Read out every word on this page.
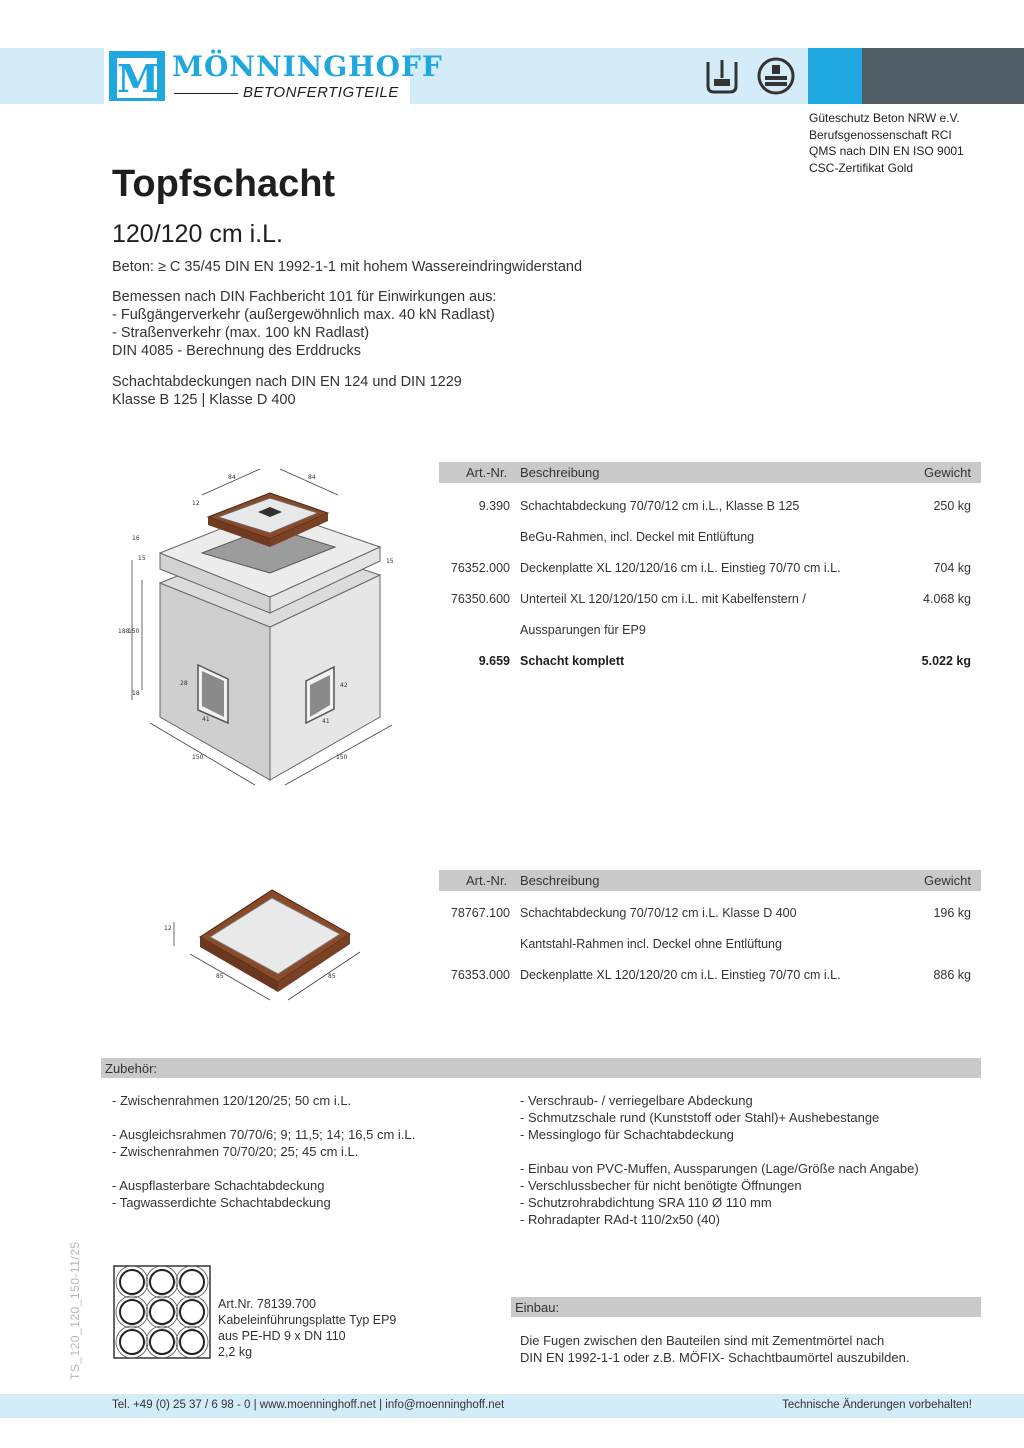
M MÖNNINGHOFF
BETONFERTIGTEILE
Güteschutz Beton NRW e.V.
Berufsgenossenschaft RCI
QMS nach DIN EN ISO 9001
CSC-Zertifikat Gold
Topfschacht
120/120 cm i.L.
Beton: ≥ C 35/45 DIN EN 1992-1-1 mit hohem Wassereindringwiderstand
Bemessen nach DIN Fachbericht 101 für Einwirkungen aus:
- Fußgängerverkehr (außergewöhnlich max. 40 kN Radlast)
- Straßenverkehr (max. 100 kN Radlast)
DIN 4085 - Berechnung des Erddrucks
Schachtabdeckungen nach DIN EN 124 und DIN 1229
Klasse B 125 | Klasse D 400
84	84
12
16
15	15
188
150
28
18
42
41	41
150	150
Art.-Nr. Beschreibung	Gewicht
9.390 Schachtabdeckung 70/70/12 cm i.L., Klasse B 125	250 kg
BeGu-Rahmen, incl. Deckel mit Entlüftung
76352.000 Deckenplatte XL 120/120/16 cm i.L. Einstieg 70/70 cm i.L.	704 kg
76350.600 Unterteil XL 120/120/150 cm i.L. mit Kabelfenstern /	4.068 kg
Aussparungen für EP9
9.659 Schacht komplett	5.022 kg
12
85	85
Art.-Nr. Beschreibung	Gewicht
78767.100 Schachtabdeckung 70/70/12 cm i.L. Klasse D 400	196 kg
Kantstahl-Rahmen incl. Deckel ohne Entlüftung
76353.000 Deckenplatte XL 120/120/20 cm i.L. Einstieg 70/70 cm i.L.	886 kg
Zubehör:
- Zwischenrahmen 120/120/25; 50 cm i.L.
- Ausgleichsrahmen 70/70/6; 9; 11,5; 14; 16,5 cm i.L.
- Zwischenrahmen 70/70/20; 25; 45 cm i.L.
- Auspflasterbare Schachtabdeckung
- Tagwasserdichte Schachtabdeckung
- Verschraub- / verriegelbare Abdeckung
- Schmutzschale rund (Kunststoff oder Stahl)+ Aushebestange
- Messinglogo für Schachtabdeckung
- Einbau von PVC-Muffen, Aussparungen (Lage/Größe nach Angabe)
- Verschlussbecher für nicht benötigte Öffnungen
- Schutzrohrabdichtung SRA 110 Ø 110 mm
- Rohradapter RAd-t 110/2x50 (40)
TS_120_120_150-11/25	Art.Nr. 78139.700
Kabeleinführungsplatte Typ EP9
aus PE-HD 9 x DN 110
2,2 kg
Einbau:
Die Fugen zwischen den Bauteilen sind mit Zementmörtel nach
DIN EN 1992-1-1 oder z.B. MÖFIX- Schachtbaumörtel auszubilden.
Tel. +49 (0) 25 37 / 6 98 - 0 | www.moenninghoff.net | info@moenninghoff.net	Technische Änderungen vorbehalten!
